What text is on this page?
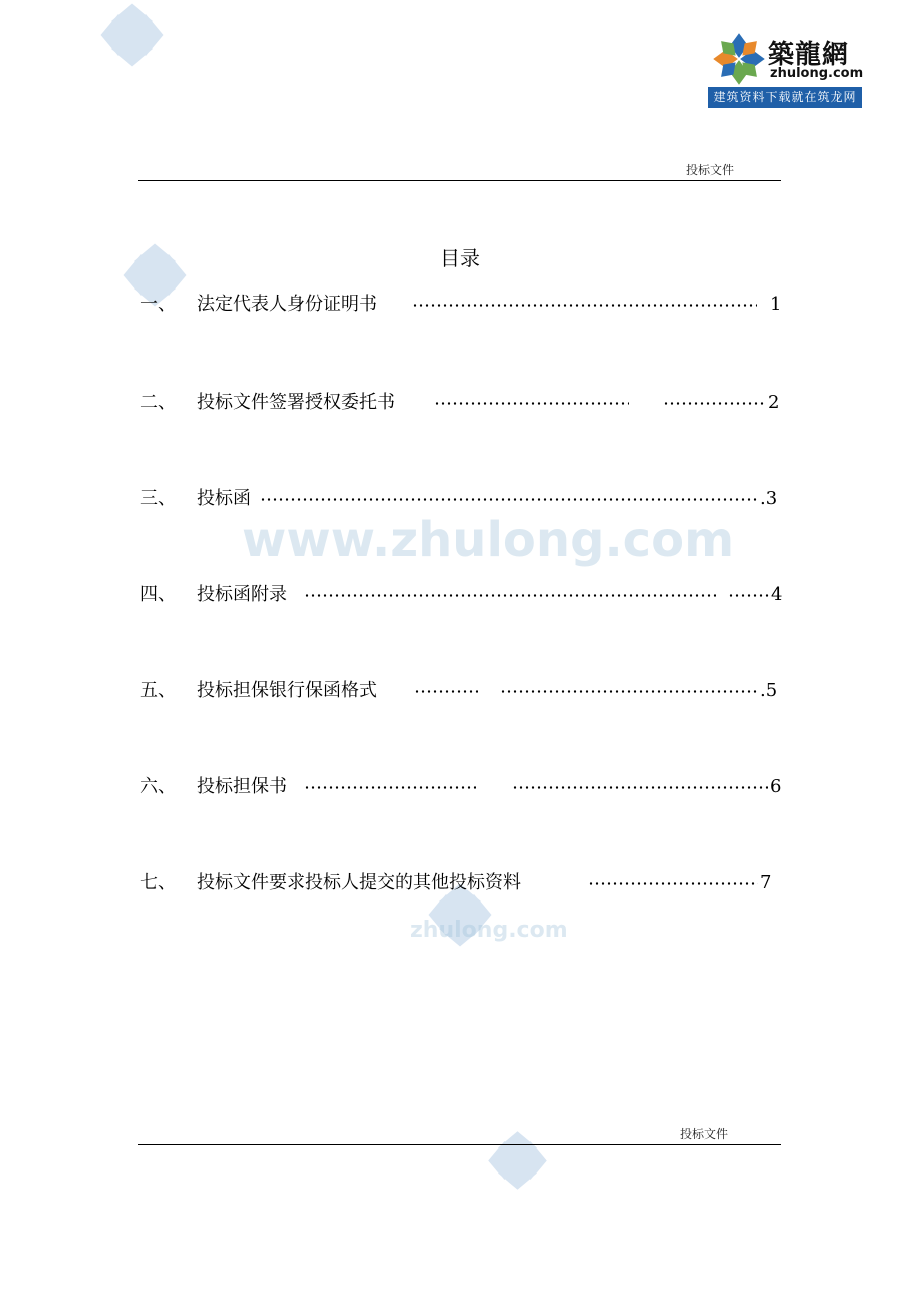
www.zhulong.com
zhulong.com
築龍網
zhulong.com
建筑资料下载就在筑龙网
投标文件
目录
一、 法定代表人身份证明书	1
二、 投标文件签署授权委托书	2
三、 投标函	.3
四、 投标函附录	4
五、 投标担保银行保函格式	.5
六、 投标担保书	6
七、 投标文件要求投标人提交的其他投标资料	7
投标文件
